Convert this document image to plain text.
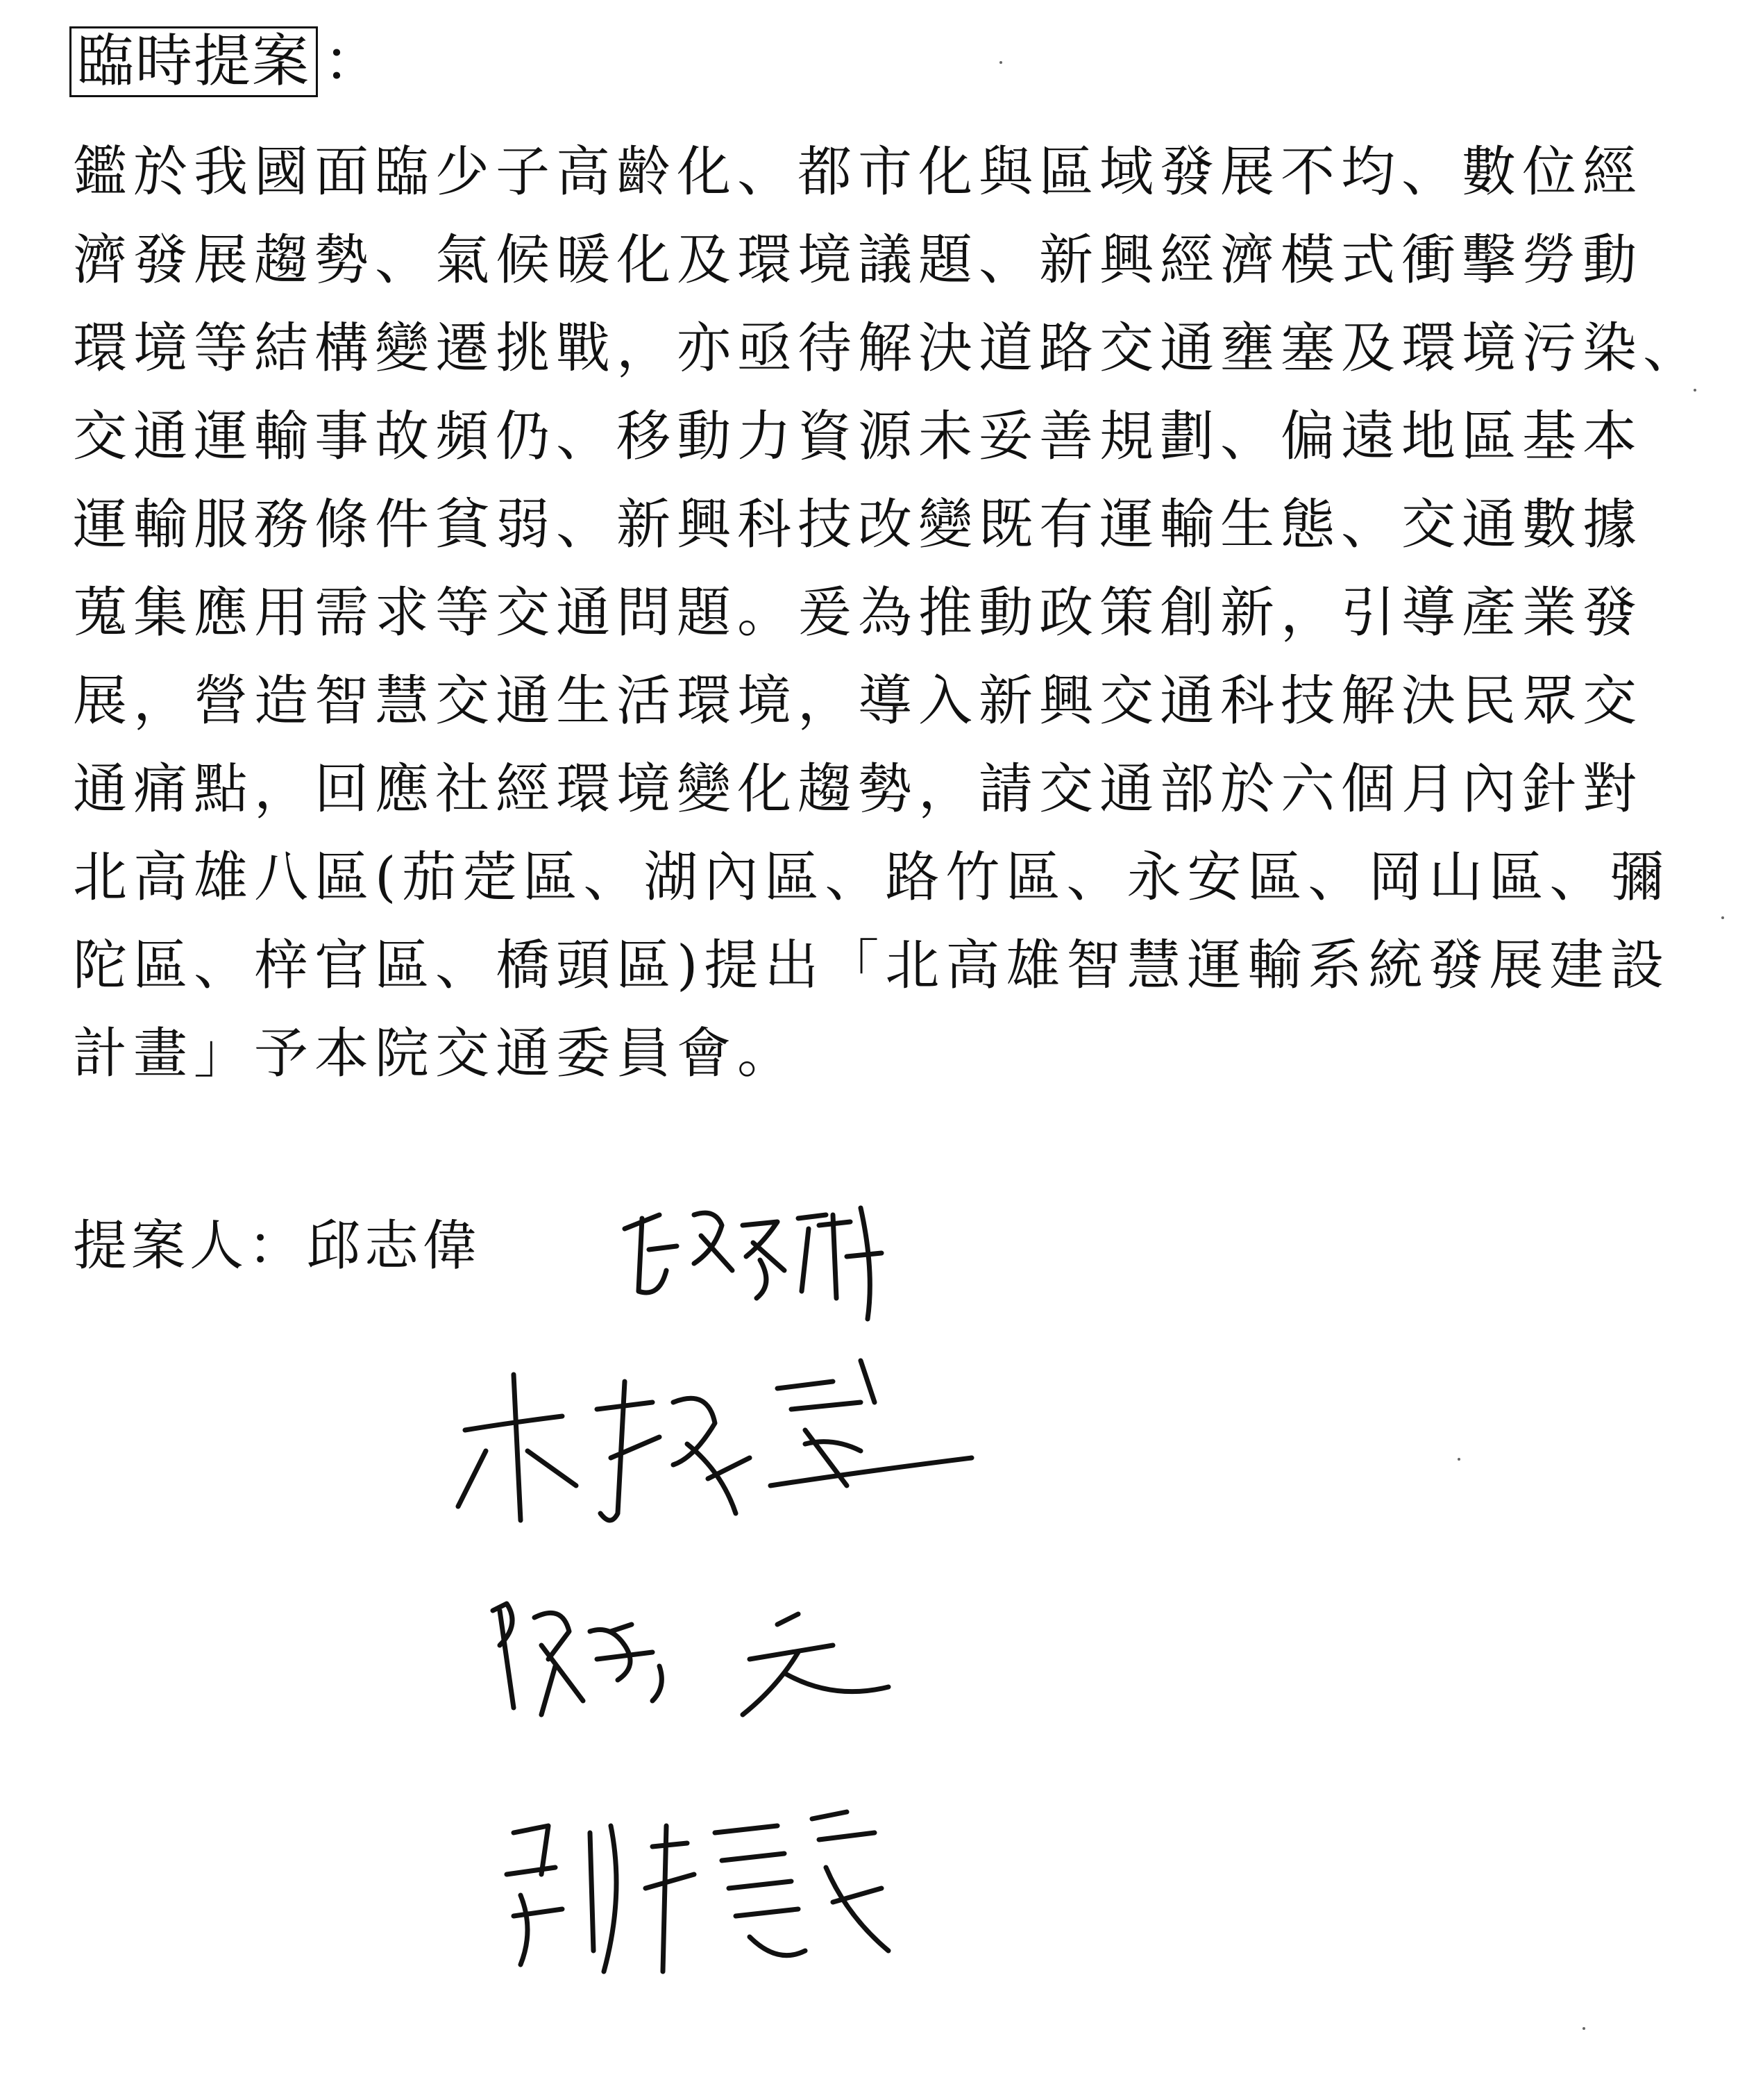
臨時提案 ：
鑑於我國面臨少子高齡化、都市化與區域發展不均、數位經
濟發展趨勢、氣候暖化及環境議題、新興經濟模式衝擊勞動
環境等結構變遷挑戰，亦亟待解決道路交通壅塞及環境污染、
交通運輸事故頻仍、移動力資源未妥善規劃、偏遠地區基本
運輸服務條件貧弱、新興科技改變既有運輸生態、交通數據
蒐集應用需求等交通問題。爰為推動政策創新，引導產業發
展，營造智慧交通生活環境，導入新興交通科技解決民眾交
通痛點，回應社經環境變化趨勢，請交通部於六個月內針對
北高雄八區(茄萣區、湖內區、路竹區、永安區、岡山區、彌
陀區、梓官區、橋頭區)提出「北高雄智慧運輸系統發展建設
計畫」予本院交通委員會。
提案人：邱志偉
